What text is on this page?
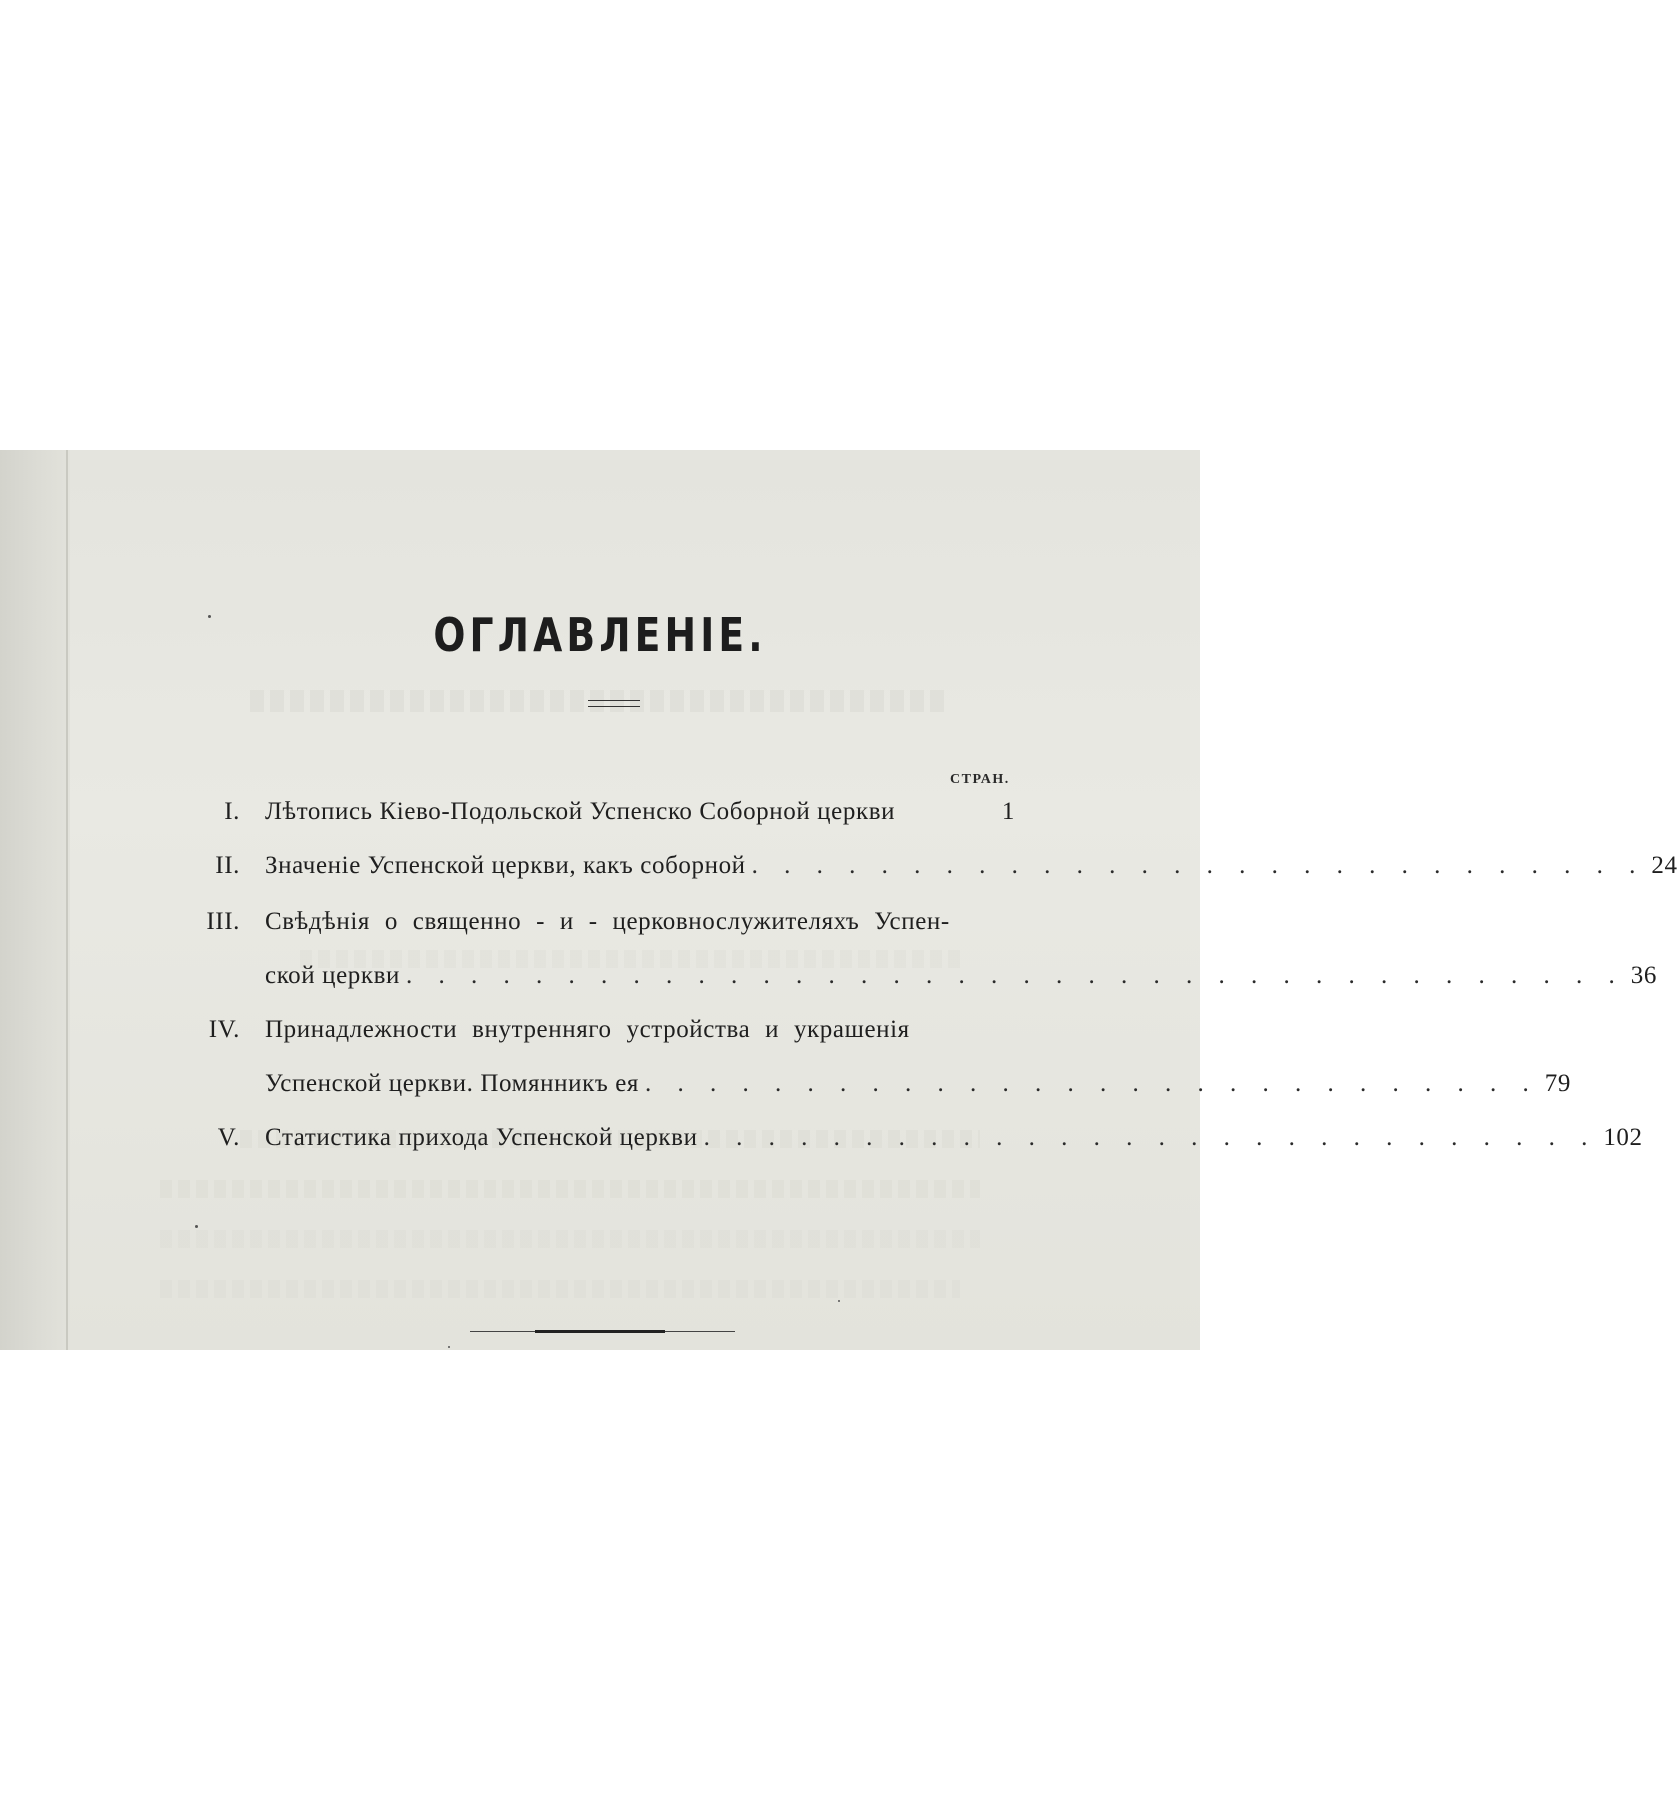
ОГЛАВЛЕНІЕ.
СТРАН.
I. Лѣтопись Кіево-Подольской Успенско Соборной церкви	1
II. Значеніе Успенской церкви, какъ соборной . . . . . . . . . . . . . . . . . . . . . . . . . . . . 24
III. Свѣдѣнія о священно - и - церковнослужителяхъ Успен-
ской церкви . . . . . . . . . . . . . . . . . . . . . . . . . . . . . . . . . . . . . . 36
IV. Принадлежности внутренняго устройства и украшенія
Успенской церкви. Помянникъ ея . . . . . . . . . . . . . . . . . . . . . . . . . . . . 79
V. Статистика прихода Успенской церкви . . . . . . . . . . . . . . . . . . . . . . . . . . . . 102
